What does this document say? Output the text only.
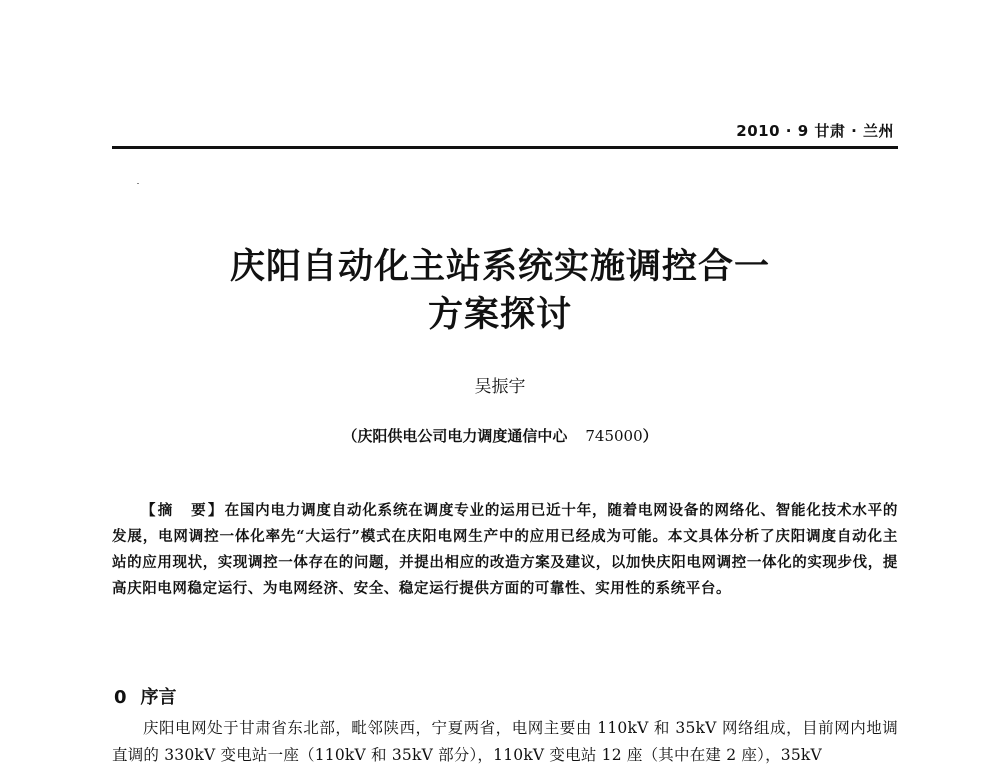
2010 · 9 甘肃 · 兰州
庆阳自动化主站系统实施调控合一
方案探讨
吴振宇
（庆阳供电公司电力调度通信中心 745000）
【摘　要】在国内电力调度自动化系统在调度专业的运用已近十年，随着电网设备的网络化、智能化技术水平的发展，电网调控一体化率先“大运行”模式在庆阳电网生产中的应用已经成为可能。本文具体分析了庆阳调度自动化主站的应用现状，实现调控一体存在的问题，并提出相应的改造方案及建议，以加快庆阳电网调控一体化的实现步伐，提高庆阳电网稳定运行、为电网经济、安全、稳定运行提供方面的可靠性、实用性的系统平台。
0 序言
庆阳电网处于甘肃省东北部，毗邻陕西，宁夏两省，电网主要由 110kV 和 35kV 网络组成，目前网内地调直调的 330kV 变电站一座（110kV 和 35kV 部分），110kV 变电站 12 座（其中在建 2 座），35kV
